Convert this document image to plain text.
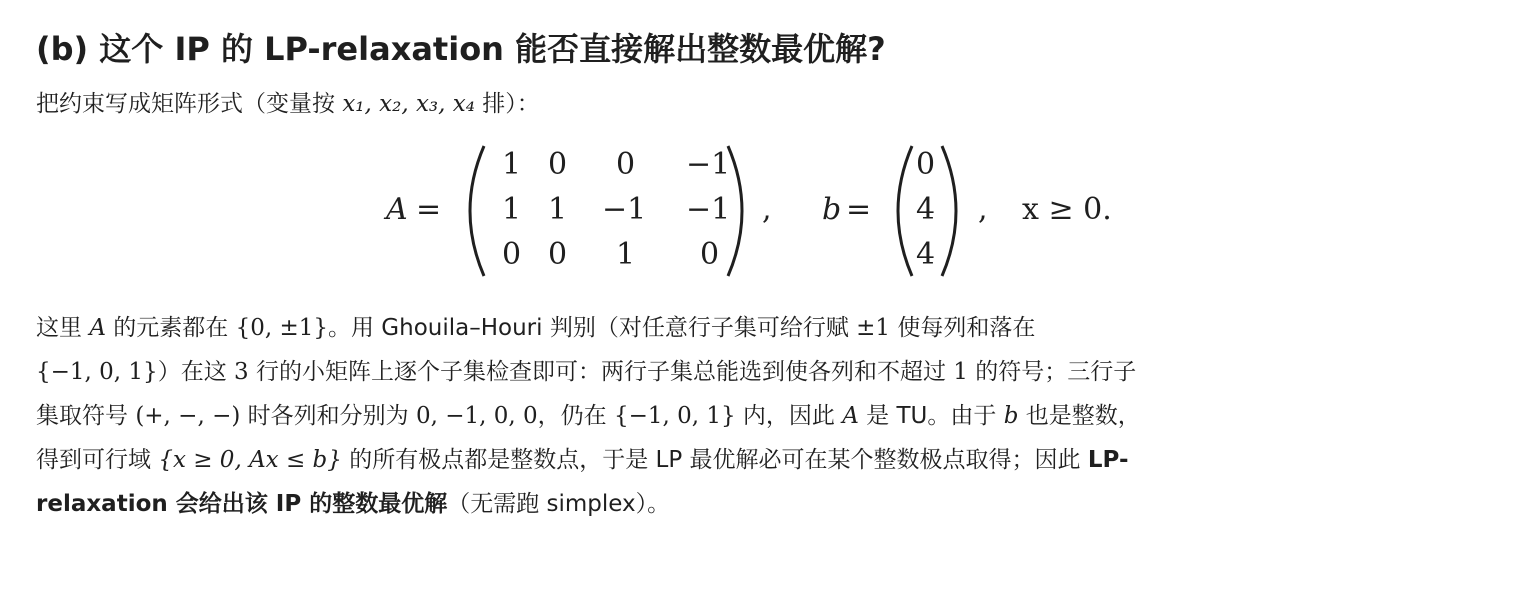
(b) 这个 IP 的 LP-relaxation 能否直接解出整数最优解?
把约束写成矩阵形式（变量按 x₁, x₂, x₃, x₄ 排）：
A =
1 0 0 −1
1 1 −1 −1
0 0 1 0
, b =
0
4
4
, x ≥ 0.
这里 A 的元素都在 {0, ±1}。用 Ghouila–Houri 判别（对任意行子集可给行赋 ±1 使每列和落在
{−1, 0, 1}）在这 3 行的小矩阵上逐个子集检查即可：两行子集总能选到使各列和不超过 1 的符号；三行子
集取符号 (+, −, −) 时各列和分别为 0, −1, 0, 0，仍在 {−1, 0, 1} 内，因此 A 是 TU。由于 b 也是整数，
得到可行域 {x ≥ 0, Ax ≤ b} 的所有极点都是整数点，于是 LP 最优解必可在某个整数极点取得；因此 LP-
relaxation 会给出该 IP 的整数最优解（无需跑 simplex）。
